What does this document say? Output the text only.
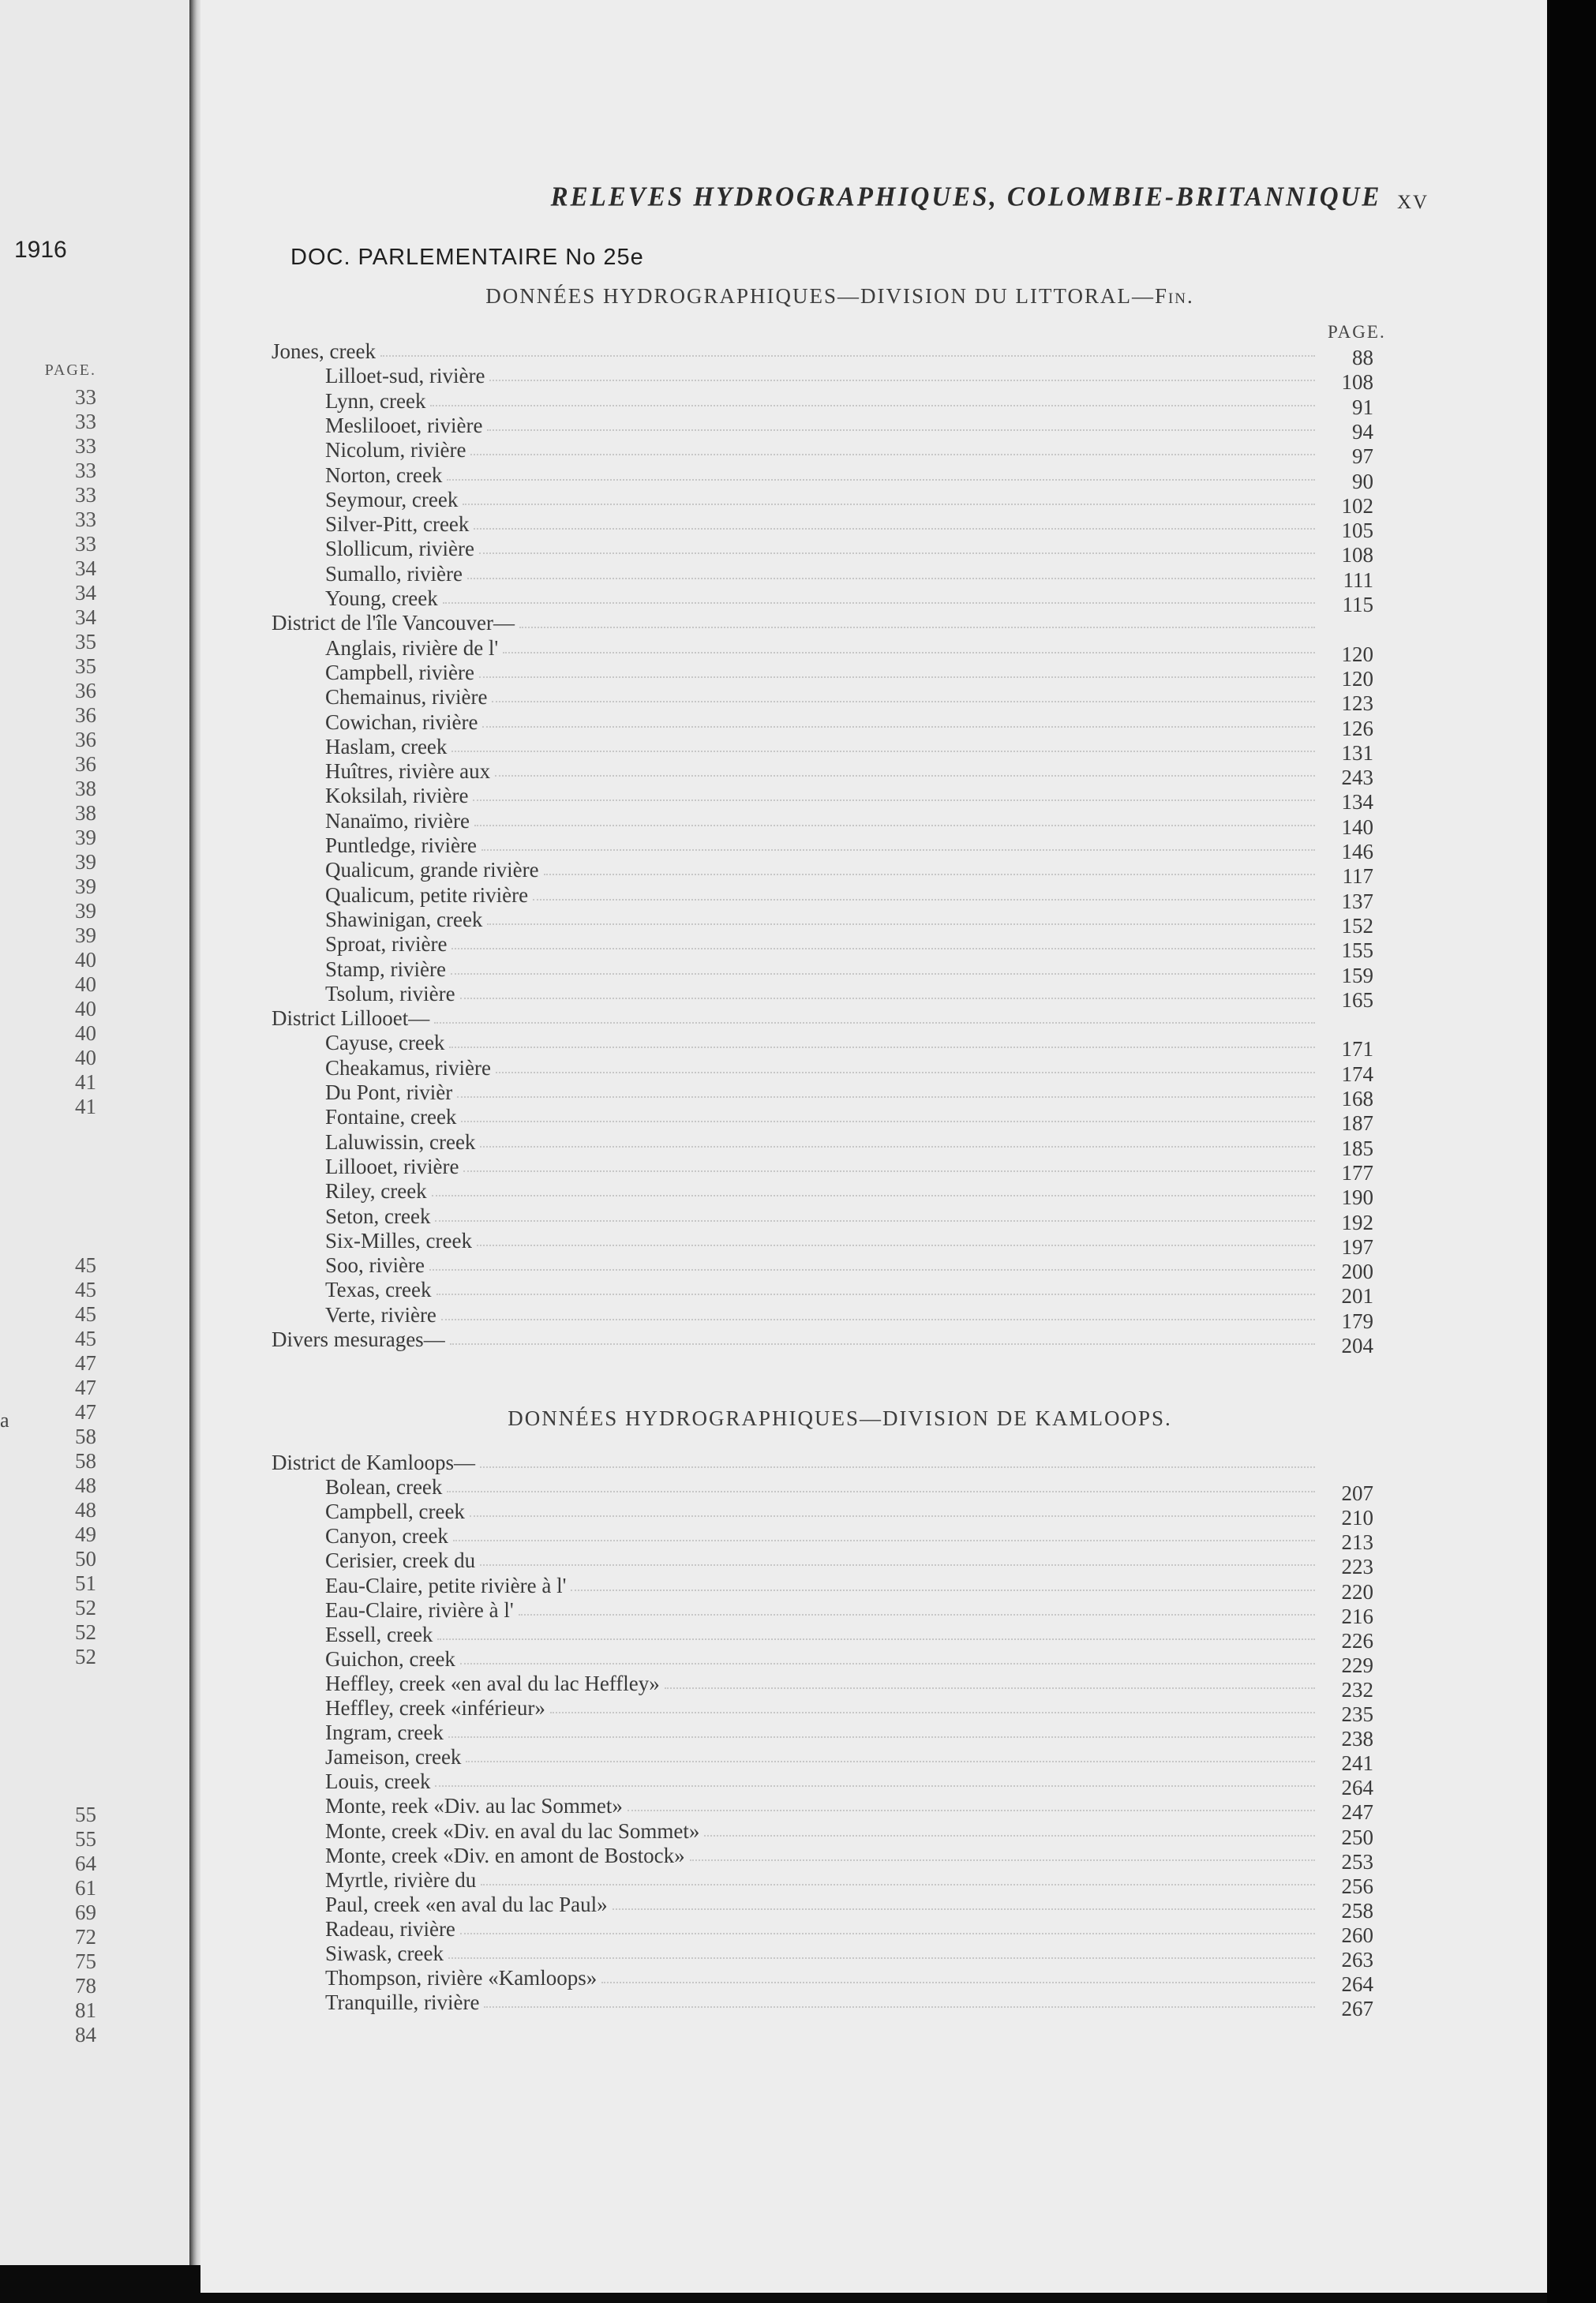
1916
PAGE.
33
33
33
33
33
33
33
34
34
34
35
35
36
36
36
36
38
38
39
39
39
39
39
40
40
40
40
40
41
41
45
45
45
45
47
47
47
58
58
48
48
49
50
51
52
52
52
55
55
64
61
69
72
75
78
81
84
a
RELEVES HYDROGRAPHIQUES, COLOMBIE-BRITANNIQUE XV
DOC. PARLEMENTAIRE No 25e
DONNÉES HYDROGRAPHIQUES—DIVISION DU LITTORAL—Fin.
PAGE.
Jones, creek	88
Lilloet-sud, rivière	108
Lynn, creek	91
Meslilooet, rivière	94
Nicolum, rivière	97
Norton, creek	90
Seymour, creek	102
Silver-Pitt, creek	105
Slollicum, rivière	108
Sumallo, rivière	111
Young, creek	115
District de l'île Vancouver—
Anglais, rivière de l'	120
Campbell, rivière	120
Chemainus, rivière	123
Cowichan, rivière	126
Haslam, creek	131
Huîtres, rivière aux	243
Koksilah, rivière	134
Nanaïmo, rivière	140
Puntledge, rivière	146
Qualicum, grande rivière	117
Qualicum, petite rivière	137
Shawinigan, creek	152
Sproat, rivière	155
Stamp, rivière	159
Tsolum, rivière	165
District Lillooet—
Cayuse, creek	171
Cheakamus, rivière	174
Du Pont, rivièr	168
Fontaine, creek	187
Laluwissin, creek	185
Lillooet, rivière	177
Riley, creek	190
Seton, creek	192
Six-Milles, creek	197
Soo, rivière	200
Texas, creek	201
Verte, rivière	179
Divers mesurages—	204
DONNÉES HYDROGRAPHIQUES—DIVISION DE KAMLOOPS.
District de Kamloops—
Bolean, creek	207
Campbell, creek	210
Canyon, creek	213
Cerisier, creek du	223
Eau-Claire, petite rivière à l'	220
Eau-Claire, rivière à l'	216
Essell, creek	226
Guichon, creek	229
Heffley, creek «en aval du lac Heffley»	232
Heffley, creek «inférieur»	235
Ingram, creek	238
Jameison, creek	241
Louis, creek	264
Monte, reek «Div. au lac Sommet»	247
Monte, creek «Div. en aval du lac Sommet»	250
Monte, creek «Div. en amont de Bostock»	253
Myrtle, rivière du	256
Paul, creek «en aval du lac Paul»	258
Radeau, rivière	260
Siwask, creek	263
Thompson, rivière «Kamloops»	264
Tranquille, rivière	267
